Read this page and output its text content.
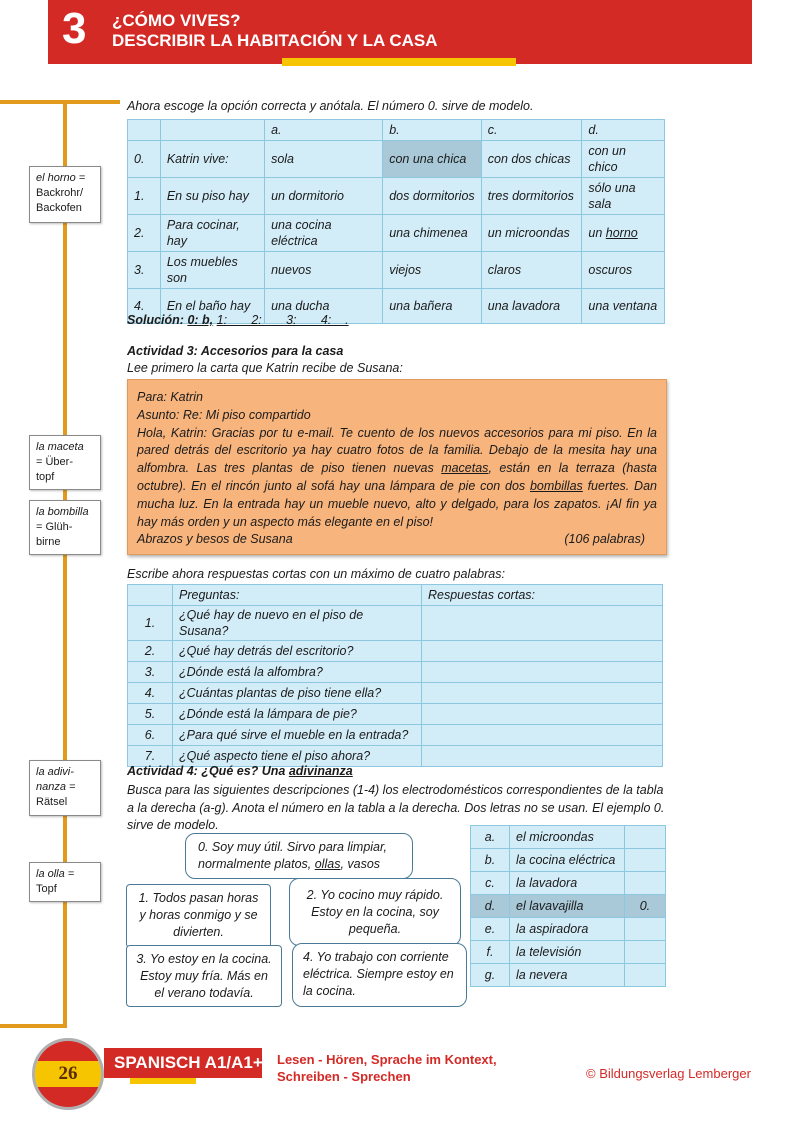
3 ¿CÓMO VIVES?
DESCRIBIR LA HABITACIÓN Y LA CASA
el horno =
Backrohr/
Backofen
la maceta
= Über-
topf
la bombilla
= Glüh-
birne
la adivi-
nanza =
Rätsel
la olla =
Topf
Ahora escoge la opción correcta y anótala. El número 0. sirve de modelo.
		a.	b.	c.	d.
0.	Katrin vive:	sola	con una chica	con dos chicas	con un chico
1.	En su piso hay	un dormitorio	dos dormitorios	tres dormitorios	sólo una sala
2.	Para cocinar, hay	una cocina eléctrica	una chimenea	un microondas	un horno
3.	Los muebles son	nuevos	viejos	claros	oscuros
4.	En el baño hay	una ducha	una bañera	una lavadora	una ventana
Solución: 0: b, 1:       2:       3:       4:    .
Actividad 3: Accesorios para la casa
Lee primero la carta que Katrin recibe de Susana:
Para: Katrin
Asunto: Re: Mi piso compartido
Hola, Katrin: Gracias por tu e-mail. Te cuento de los nuevos accesorios para mi piso. En la pared detrás del escritorio ya hay cuatro fotos de la familia. Debajo de la mesita hay una alfombra. Las tres plantas de piso tienen nuevas macetas, están en la terraza (hasta octubre). En el rincón junto al sofá hay una lámpara de pie con dos bombillas fuertes. Dan mucha luz. En la entrada hay un mueble nuevo, alto y delgado, para los zapatos. ¡Al fin ya hay más orden y un aspecto más elegante en el piso!
Abrazos y besos de Susana	(106 palabras)
Escribe ahora respuestas cortas con un máximo de cuatro palabras:
	Preguntas:	Respuestas cortas:
1.	¿Qué hay de nuevo en el piso de Susana?	
2.	¿Qué hay detrás del escritorio?	
3.	¿Dónde está la alfombra?	
4.	¿Cuántas plantas de piso tiene ella?	
5.	¿Dónde está la lámpara de pie?	
6.	¿Para qué sirve el mueble en la entrada?	
7.	¿Qué aspecto tiene el piso ahora?	
Actividad 4: ¿Qué es? Una adivinanza
Busca para las siguientes descripciones (1-4) los electrodomésticos correspondientes de la tabla a la derecha (a-g). Anota el número en la tabla a la derecha. Dos letras no se usan. El ejemplo 0. sirve de modelo.
0. Soy muy útil. Sirvo para limpiar, normalmente platos, ollas, vasos
2. Yo cocino muy rápido. Estoy en la cocina, soy pequeña.
1. Todos pasan horas y horas conmigo y se divierten.
3. Yo estoy en la cocina. Estoy muy fría. Más en el verano todavía.
4. Yo trabajo con corriente eléctrica. Siempre estoy en la cocina.
a.	el microondas	
b.	la cocina eléctrica	
c.	la lavadora	
d.	el lavavajilla	0.
e.	la aspiradora	
f.	la televisión	
g.	la nevera	
26
SPANISCH A1/A1+ Lesen - Hören, Sprache im Kontext,
Schreiben - Sprechen	© Bildungsverlag Lemberger
